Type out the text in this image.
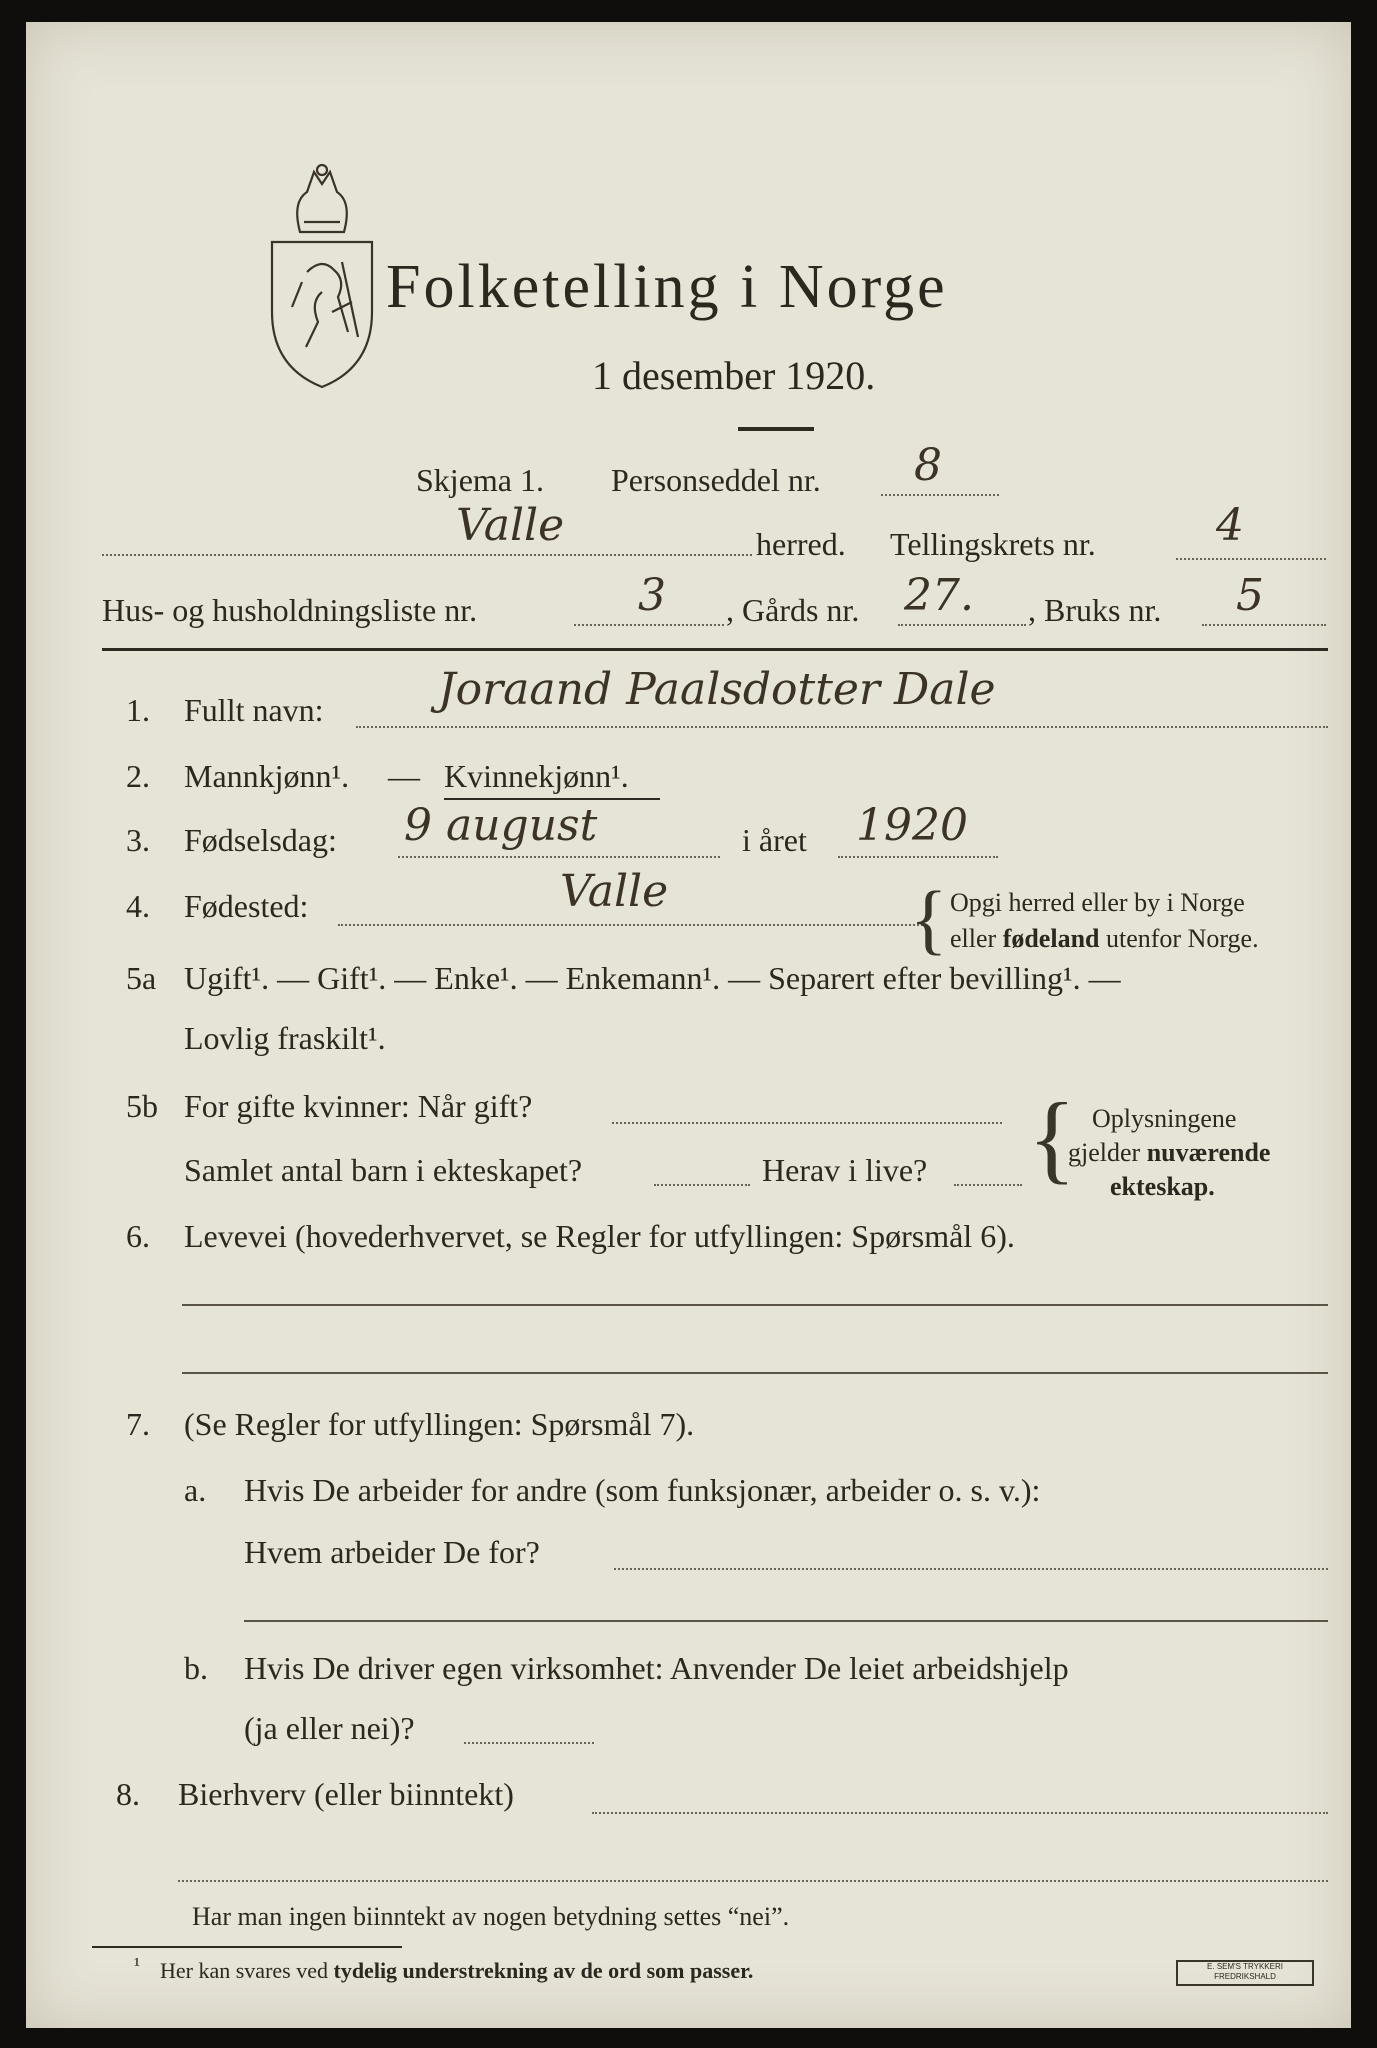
Folketelling i Norge
1 desember 1920.
Skjema 1. Personseddel nr. 8
Valle	herred. Tellingskrets nr.	4
Hus- og husholdningsliste nr.	3 , Gårds nr. 27. , Bruks nr. 5
1. Fullt navn:	Joraand Paalsdotter Dale
2. Mannkjønn¹. — Kvinnekjønn¹.
3. Fødselsdag: 9 august	i året 1920
4. Fødested:	Valle	{ Opgi herred eller by i Norge
eller fødeland utenfor Norge.
5a Ugift¹. — Gift¹. — Enke¹. — Enkemann¹. — Separert efter bevilling¹. —
Lovlig fraskilt¹.
5b For gifte kvinner: Når gift?
Samlet antal barn i ekteskapet?	Herav i live? { Oplysningene
gjelder nuværende
ekteskap.
6. Levevei (hovederhvervet, se Regler for utfyllingen: Spørsmål 6).
7. (Se Regler for utfyllingen: Spørsmål 7).
a. Hvis De arbeider for andre (som funksjonær, arbeider o. s. v.):
Hvem arbeider De for?
b. Hvis De driver egen virksomhet: Anvender De leiet arbeidshjelp
(ja eller nei)?
8. Bierhverv (eller biinntekt)
Har man ingen biinntekt av nogen betydning settes “nei”.
¹ Her kan svares ved tydelig understrekning av de ord som passer.	E. SEM'S TRYKKERI FREDRIKSHALD
